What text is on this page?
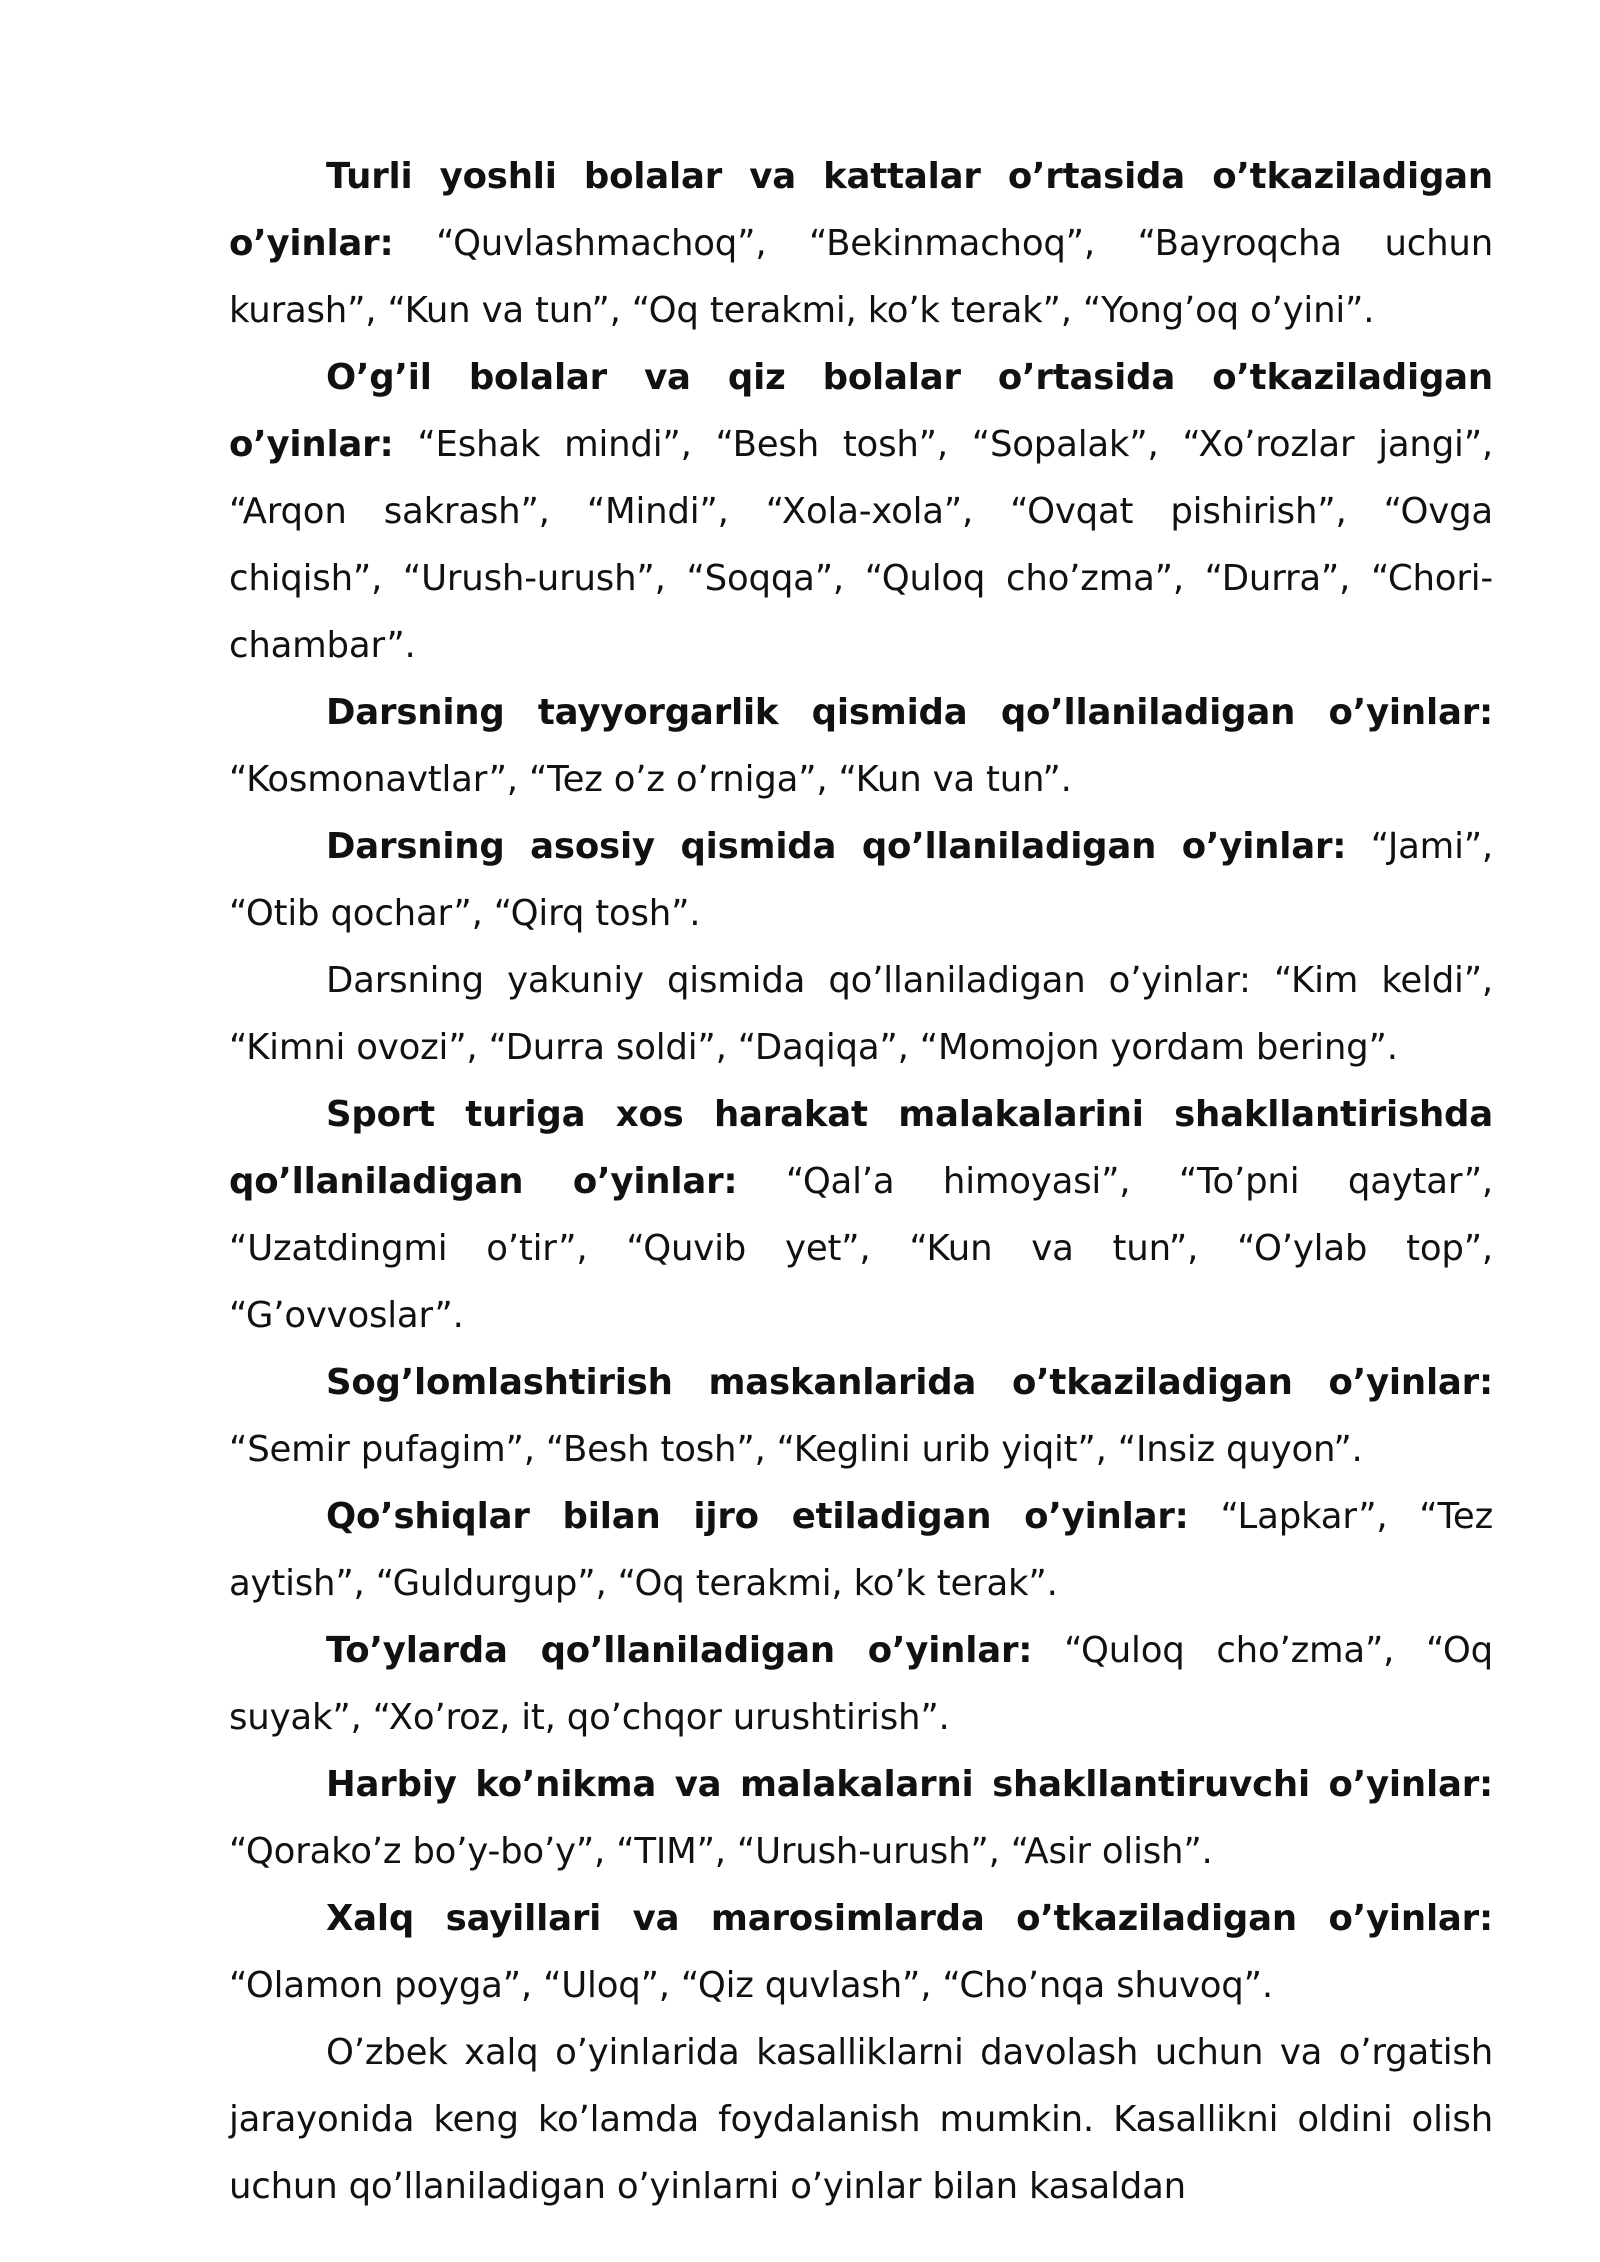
Turli yoshli bolalar va kattalar o’rtasida o’tkaziladigan o’yinlar: “Quvlashmachoq”, “Bekinmachoq”, “Bayroqcha uchun kurash”, “Kun va tun”, “Oq terakmi, ko’k terak”, “Yong’oq o’yini”.

O’g’il bolalar va qiz bolalar o’rtasida o’tkaziladigan o’yinlar: “Eshak mindi”, “Besh tosh”, “Sopalak”, “Xo’rozlar jangi”, “Arqon sakrash”, “Mindi”, “Xola-xola”, “Ovqat pishirish”, “Ovga chiqish”, “Urush-urush”, “Soqqa”, “Quloq cho’zma”, “Durra”, “Chori-chambar”.

Darsning tayyorgarlik qismida qo’llaniladigan o’yinlar: “Kosmonavtlar”, “Tez o’z o’rniga”, “Kun va tun”.

Darsning asosiy qismida qo’llaniladigan o’yinlar: “Jami”, “Otib qochar”, “Qirq tosh”.

Darsning yakuniy qismida qo’llaniladigan o’yinlar: “Kim keldi”, “Kimni ovozi”, “Durra soldi”, “Daqiqa”, “Momojon yordam bering”.

Sport turiga xos harakat malakalarini shakllantirishda qo’llaniladigan o’yinlar: “Qal’a himoyasi”, “To’pni qaytar”, “Uzatdingmi o’tir”, “Quvib yet”, “Kun va tun”, “O’ylab top”, “G’ovvoslar”.

Sog’lomlashtirish maskanlarida o’tkaziladigan o’yinlar: “Semir pufagim”, “Besh tosh”, “Keglini urib yiqit”, “Insiz quyon”.

Qo’shiqlar bilan ijro etiladigan o’yinlar: “Lapkar”, “Tez aytish”, “Guldurgup”, “Oq terakmi, ko’k terak”.

To’ylarda qo’llaniladigan o’yinlar: “Quloq cho’zma”, “Oq suyak”, “Xo’roz, it, qo’chqor urushtirish”.

Harbiy ko’nikma va malakalarni shakllantiruvchi o’yinlar: “Qorako’z bo’y-bo’y”, “TIM”, “Urush-urush”, “Asir olish”.

Xalq sayillari va marosimlarda o’tkaziladigan o’yinlar: “Olamon poyga”, “Uloq”, “Qiz quvlash”, “Cho’nqa shuvoq”.

O’zbek xalq o’yinlarida kasalliklarni davolash uchun va o’rgatish jarayonida keng ko’lamda foydalanish mumkin. Kasallikni oldini olish uchun qo’llaniladigan o’yinlarni o’yinlar bilan kasaldan
